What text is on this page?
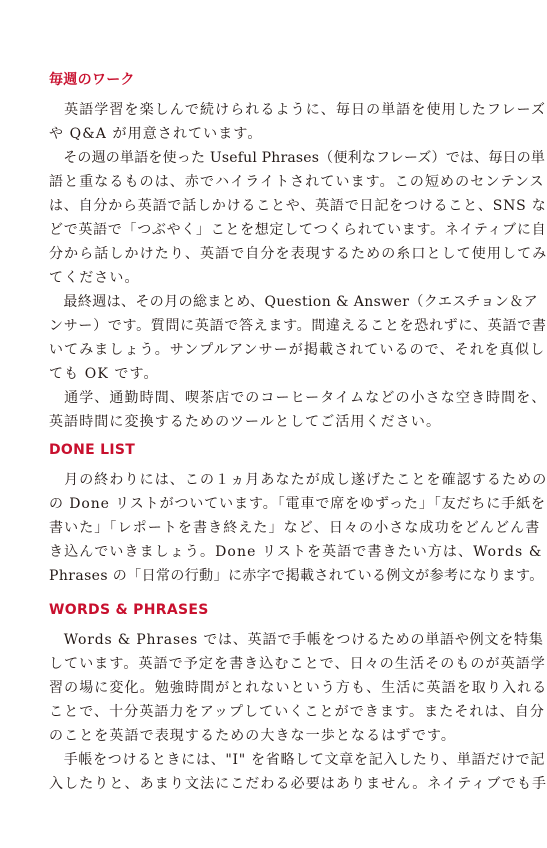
毎週のワーク
　英語学習を楽しんで続けられるように、毎日の単語を使用したフレーズ
や Q&A が用意されています。
　その週の単語を使った Useful Phrases（便利なフレーズ）では、毎日の単
語と重なるものは、赤でハイライトされています。この短めのセンテンス
は、自分から英語で話しかけることや、英語で日記をつけること、SNS な
どで英語で「つぶやく」ことを想定してつくられています。ネイティブに自
分から話しかけたり、英語で自分を表現するための糸口として使用してみ
てください。
　最終週は、その月の総まとめ、Question & Answer（クエスチョン＆ア
ンサー）です。質問に英語で答えます。間違えることを恐れずに、英語で書
いてみましょう。サンプルアンサーが掲載されているので、それを真似し
ても OK です。
　通学、通勤時間、喫茶店でのコーヒータイムなどの小さな空き時間を、
英語時間に変換するためのツールとしてご活用ください。
DONE LIST
　月の終わりには、この１ヵ月あなたが成し遂げたことを確認するための
の Done リストがついています。「電車で席をゆずった」「友だちに手紙を
書いた」「レポートを書き終えた」など、日々の小さな成功をどんどん書
き込んでいきましょう。Done リストを英語で書きたい方は、Words &
Phrases の「日常の行動」に赤字で掲載されている例文が参考になります。
WORDS & PHRASES
　Words & Phrases では、英語で手帳をつけるための単語や例文を特集
しています。英語で予定を書き込むことで、日々の生活そのものが英語学
習の場に変化。勉強時間がとれないという方も、生活に英語を取り入れる
ことで、十分英語力をアップしていくことができます。またそれは、自分
のことを英語で表現するための大きな一歩となるはずです。
　手帳をつけるときには、"I" を省略して文章を記入したり、単語だけで記
入したりと、あまり文法にこだわる必要はありません。ネイティブでも手
